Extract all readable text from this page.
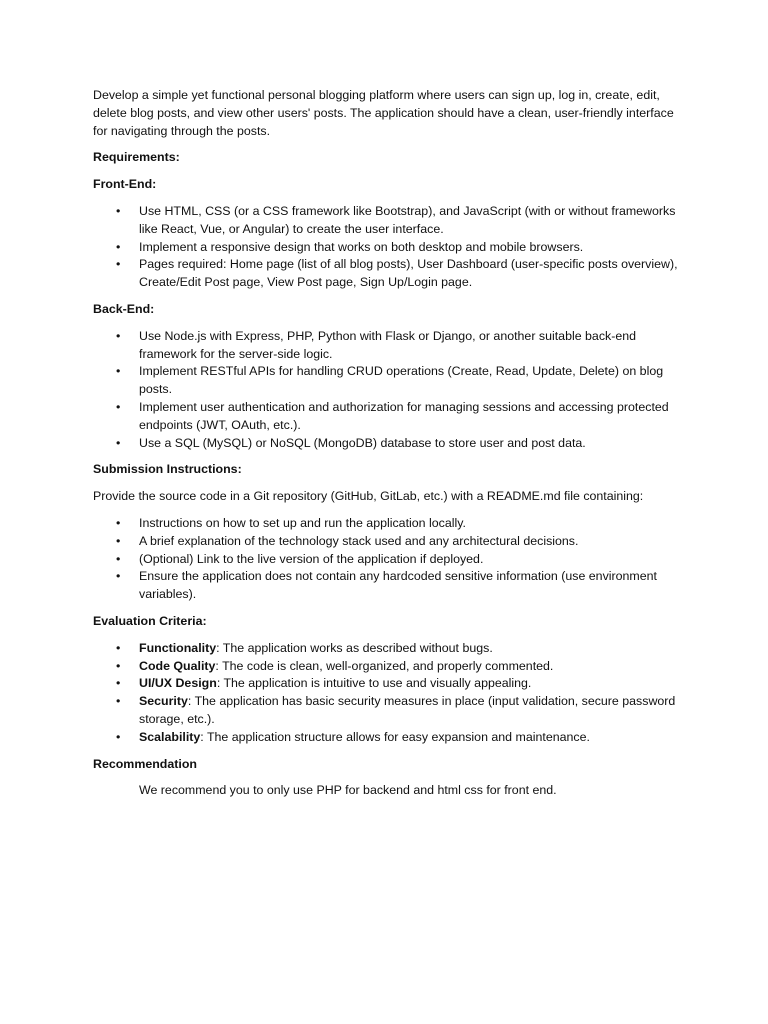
Develop a simple yet functional personal blogging platform where users can sign up, log in, create, edit, delete blog posts, and view other users' posts. The application should have a clean, user-friendly interface for navigating through the posts.

Requirements:

Front-End:

• Use HTML, CSS (or a CSS framework like Bootstrap), and JavaScript (with or without frameworks like React, Vue, or Angular) to create the user interface.
• Implement a responsive design that works on both desktop and mobile browsers.
• Pages required: Home page (list of all blog posts), User Dashboard (user-specific posts overview), Create/Edit Post page, View Post page, Sign Up/Login page.

Back-End:

• Use Node.js with Express, PHP, Python with Flask or Django, or another suitable back-end framework for the server-side logic.
• Implement RESTful APIs for handling CRUD operations (Create, Read, Update, Delete) on blog posts.
• Implement user authentication and authorization for managing sessions and accessing protected endpoints (JWT, OAuth, etc.).
• Use a SQL (MySQL) or NoSQL (MongoDB) database to store user and post data.

Submission Instructions:

Provide the source code in a Git repository (GitHub, GitLab, etc.) with a README.md file containing:

• Instructions on how to set up and run the application locally.
• A brief explanation of the technology stack used and any architectural decisions.
• (Optional) Link to the live version of the application if deployed.
• Ensure the application does not contain any hardcoded sensitive information (use environment variables).

Evaluation Criteria:

• Functionality: The application works as described without bugs.
• Code Quality: The code is clean, well-organized, and properly commented.
• UI/UX Design: The application is intuitive to use and visually appealing.
• Security: The application has basic security measures in place (input validation, secure password storage, etc.).
• Scalability: The application structure allows for easy expansion and maintenance.

Recommendation

We recommend you to only use PHP for backend and html css for front end.
